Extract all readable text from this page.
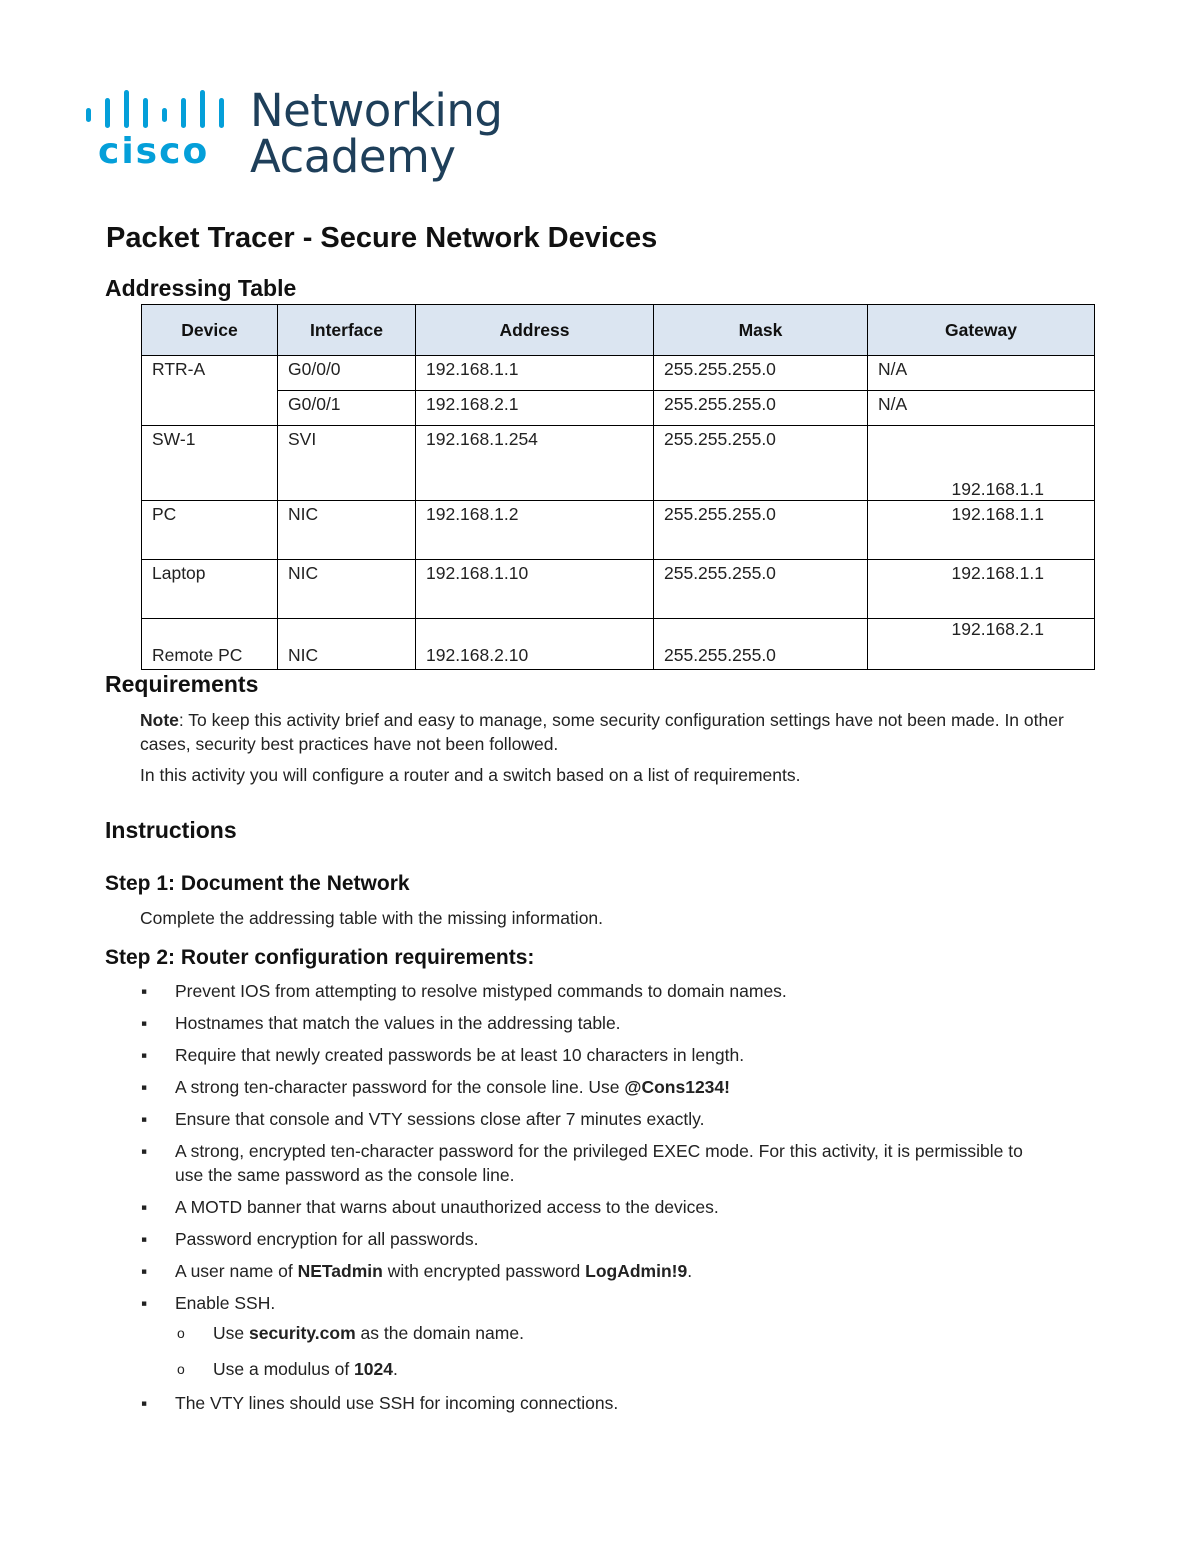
cisco
Networking
Academy
Packet Tracer - Secure Network Devices
Addressing Table
Device	Interface	Address	Mask	Gateway
RTR-A	G0/0/0	192.168.1.1	255.255.255.0	N/A
	G0/0/1	192.168.2.1	255.255.255.0	N/A
SW-1	SVI	192.168.1.254	255.255.255.0	192.168.1.1

PC	NIC	192.168.1.2	255.255.255.0	192.168.1.1
Laptop	NIC	192.168.1.10	255.255.255.0	192.168.1.1
Remote PC	NIC	192.168.2.10	255.255.255.0	192.168.2.1
Requirements
Note: To keep this activity brief and easy to manage, some security configuration settings have not been made. In other cases, security best practices have not been followed.
In this activity you will configure a router and a switch based on a list of requirements.
Instructions
Step 1: Document the Network
Complete the addressing table with the missing information.
Step 2: Router configuration requirements:
▪ Prevent IOS from attempting to resolve mistyped commands to domain names.
▪ Hostnames that match the values in the addressing table.
▪ Require that newly created passwords be at least 10 characters in length.
▪ A strong ten-character password for the console line. Use @Cons1234!
▪ Ensure that console and VTY sessions close after 7 minutes exactly.
▪ A strong, encrypted ten-character password for the privileged EXEC mode. For this activity, it is permissible to use the same password as the console line.
▪ A MOTD banner that warns about unauthorized access to the devices.
▪ Password encryption for all passwords.
▪ A user name of NETadmin with encrypted password LogAdmin!9.
▪ Enable SSH.
o Use security.com as the domain name.
o Use a modulus of 1024.
▪ The VTY lines should use SSH for incoming connections.
